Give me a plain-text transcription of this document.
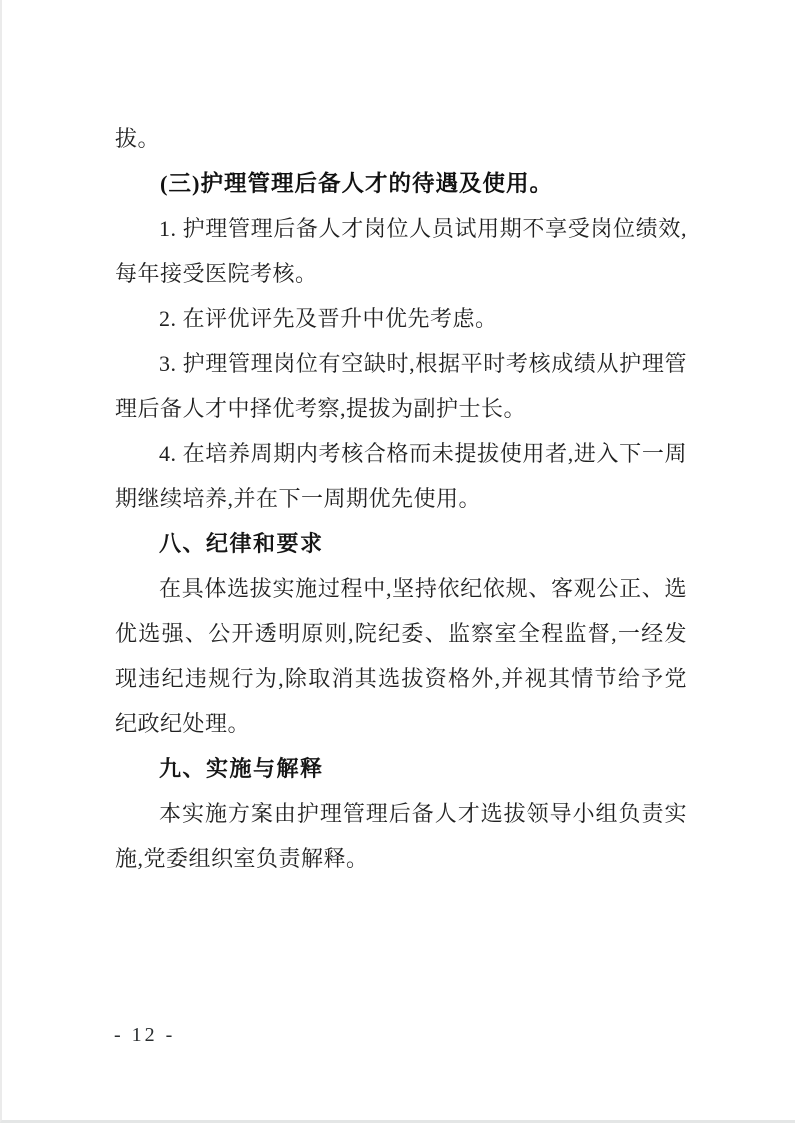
拔。

(三)护理管理后备人才的待遇及使用。

1. 护理管理后备人才岗位人员试用期不享受岗位绩效,每年接受医院考核。

2. 在评优评先及晋升中优先考虑。

3. 护理管理岗位有空缺时,根据平时考核成绩从护理管理后备人才中择优考察,提拔为副护士长。

4. 在培养周期内考核合格而未提拔使用者,进入下一周期继续培养,并在下一周期优先使用。

八、纪律和要求

在具体选拔实施过程中,坚持依纪依规、客观公正、选优选强、公开透明原则,院纪委、监察室全程监督,一经发现违纪违规行为,除取消其选拔资格外,并视其情节给予党纪政纪处理。

九、实施与解释

本实施方案由护理管理后备人才选拔领导小组负责实施,党委组织室负责解释。

- 12 -
